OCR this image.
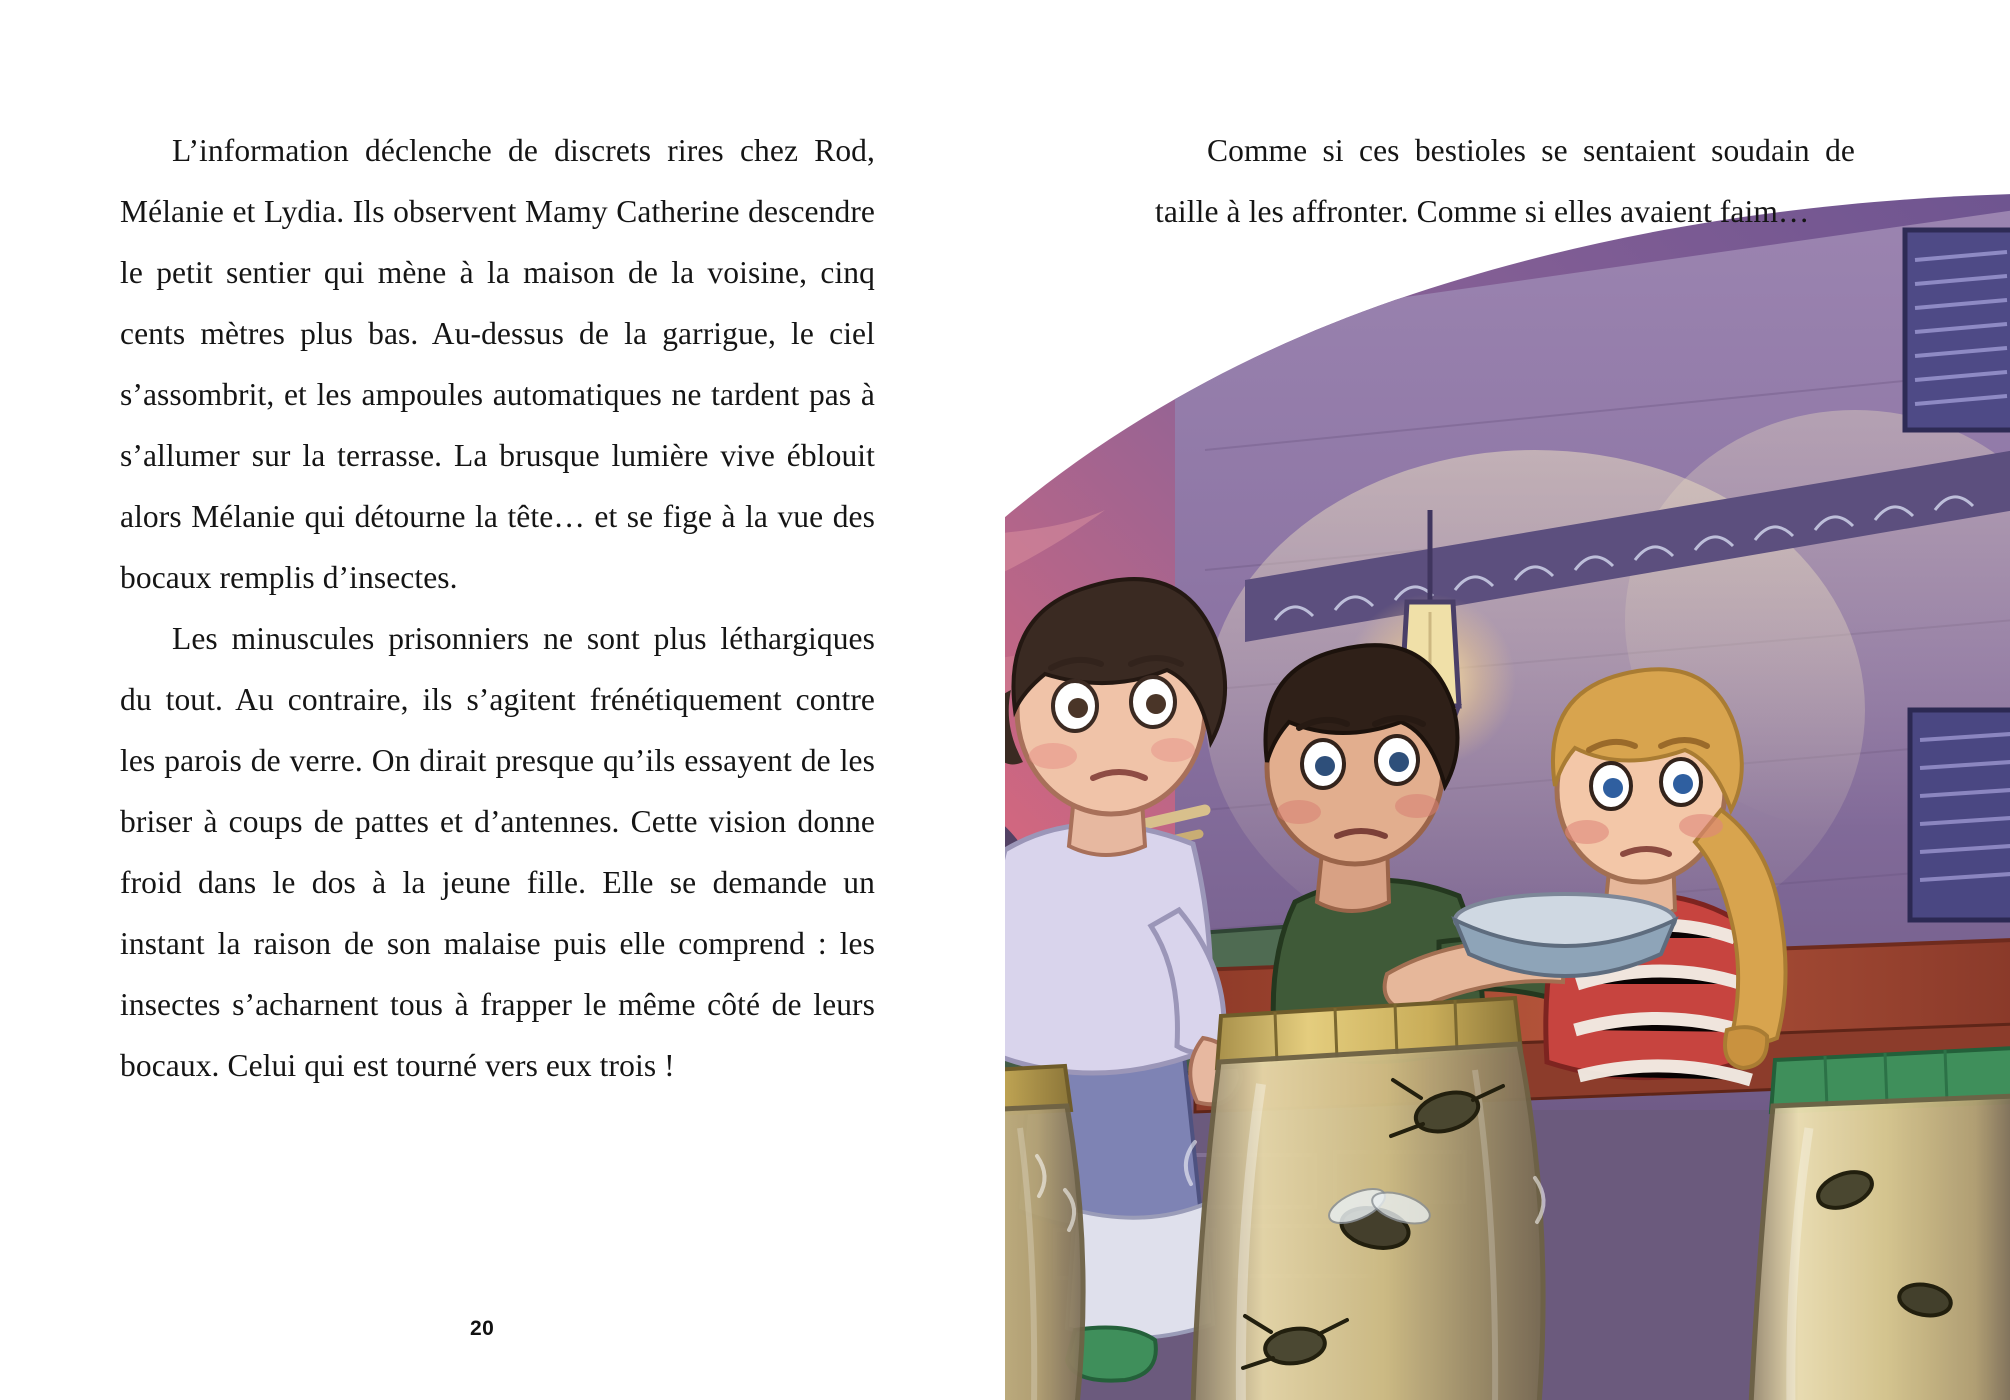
L’information déclenche de discrets rires chez Rod, Mélanie et Lydia. Ils observent Mamy Catherine descendre le petit sentier qui mène à la maison de la voisine, cinq cents mètres plus bas. Au-dessus de la garrigue, le ciel s’assombrit, et les ampoules automatiques ne tardent pas à s’allumer sur la terrasse. La brusque lumière vive éblouit alors Mélanie qui détourne la tête… et se fige à la vue des bocaux remplis d’insectes.

Les minuscules prisonniers ne sont plus léthargiques du tout. Au contraire, ils s’agitent frénétiquement contre les parois de verre. On dirait presque qu’ils essayent de les briser à coups de pattes et d’antennes. Cette vision donne froid dans le dos à la jeune fille. Elle se demande un instant la raison de son malaise puis elle comprend : les insectes s’acharnent tous à frapper le même côté de leurs bocaux. Celui qui est tourné vers eux trois !

20

Comme si ces bestioles se sentaient soudain de taille à les affronter. Comme si elles avaient faim…
